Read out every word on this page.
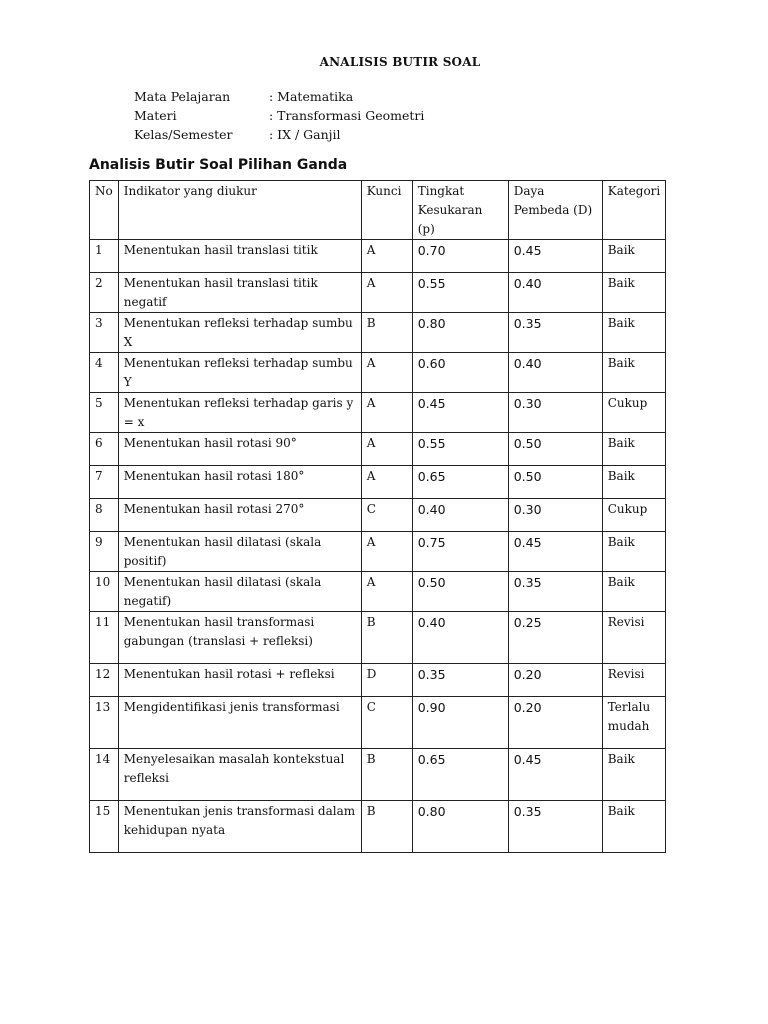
ANALISIS BUTIR SOAL
Mata Pelajaran	: Matematika
Materi	: Transformasi Geometri
Kelas/Semester	: IX / Ganjil
Analisis Butir Soal Pilihan Ganda
No	Indikator yang diukur	Kunci	Tingkat Kesukaran (p)	Daya Pembeda (D)	Kategori
1	Menentukan hasil translasi titik	A	0.70	0.45	Baik
2	Menentukan hasil translasi titik negatif	A	0.55	0.40	Baik
3	Menentukan refleksi terhadap sumbu X	B	0.80	0.35	Baik
4	Menentukan refleksi terhadap sumbu Y	A	0.60	0.40	Baik
5	Menentukan refleksi terhadap garis y = x	A	0.45	0.30	Cukup
6	Menentukan hasil rotasi 90°	A	0.55	0.50	Baik
7	Menentukan hasil rotasi 180°	A	0.65	0.50	Baik
8	Menentukan hasil rotasi 270°	C	0.40	0.30	Cukup
9	Menentukan hasil dilatasi (skala positif)	A	0.75	0.45	Baik
10	Menentukan hasil dilatasi (skala negatif)	A	0.50	0.35	Baik
11	Menentukan hasil transformasi gabungan (translasi + refleksi)	B	0.40	0.25	Revisi
12	Menentukan hasil rotasi + refleksi	D	0.35	0.20	Revisi
13	Mengidentifikasi jenis transformasi	C	0.90	0.20	Terlalu mudah
14	Menyelesaikan masalah kontekstual refleksi	B	0.65	0.45	Baik
15	Menentukan jenis transformasi dalam kehidupan nyata	B	0.80	0.35	Baik
